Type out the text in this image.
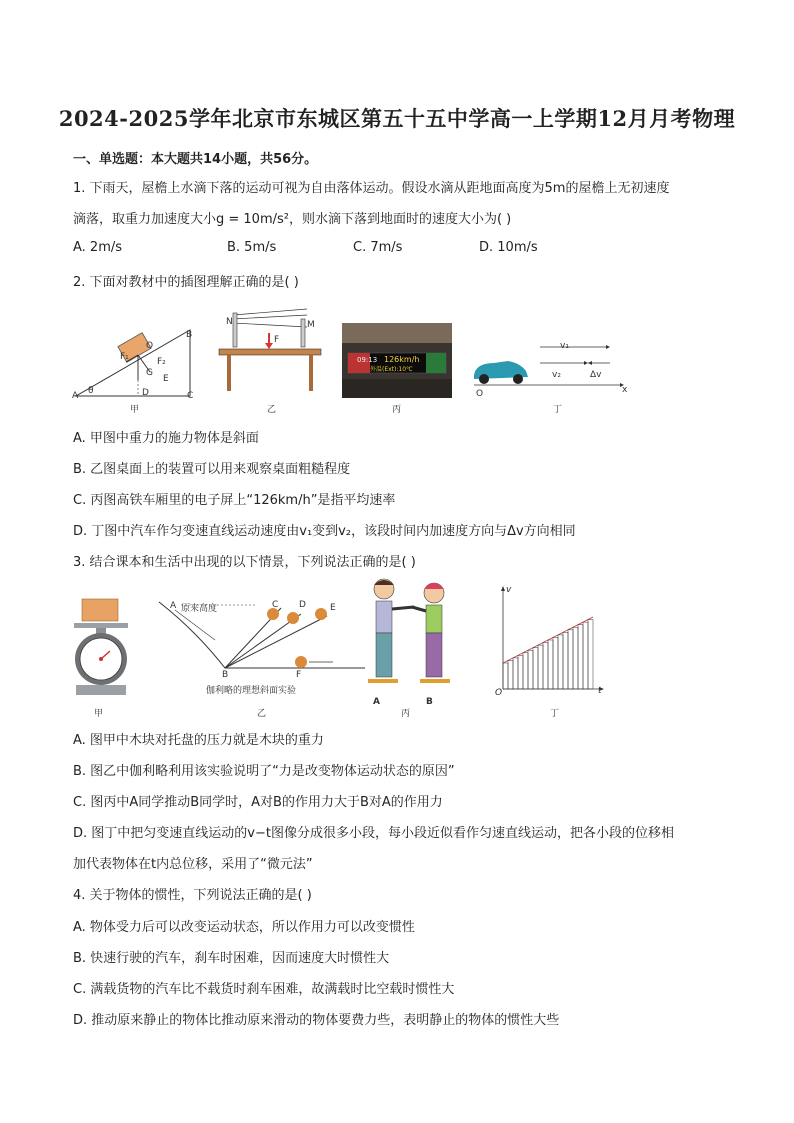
2024-2025学年北京市东城区第五十五中学高一上学期12月月考物理
一、单选题：本大题共14小题，共56分。
1. 下雨天，屋檐上水滴下落的运动可视为自由落体运动。假设水滴从距地面高度为5m的屋檐上无初速度
滴落，取重力加速度大小g = 10m/s²，则水滴下落到地面时的速度大小为( )
A. 2m/s	B. 5m/s	C. 7m/s	D. 10m/s
2. 下面对教材中的插图理解正确的是( )
O
B
F₁	F₂
G
E
A θ	D	C
甲
N	M
F
乙
09:13 126km/h
外温(Ext):10℃
丙
v₁
v₂	Δv
O	x
丁
A. 甲图中重力的施力物体是斜面
B. 乙图桌面上的装置可以用来观察桌面粗糙程度
C. 丙图高铁车厢里的电子屏上“126km/h”是指平均速率
D. 丁图中汽车作匀变速直线运动速度由v₁变到v₂，该段时间内加速度方向与Δv方向相同
3. 结合课本和生活中出现的以下情景，下列说法正确的是( )
甲
A 原来高度	C D	E
B	F
伽利略的理想斜面实验
乙
A	B
丙
v
O	t
丁
A. 图甲中木块对托盘的压力就是木块的重力
B. 图乙中伽利略利用该实验说明了“力是改变物体运动状态的原因”
C. 图丙中A同学推动B同学时，A对B的作用力大于B对A的作用力
D. 图丁中把匀变速直线运动的v−t图像分成很多小段，每小段近似看作匀速直线运动，把各小段的位移相
加代表物体在t内总位移，采用了“微元法”
4. 关于物体的惯性，下列说法正确的是( )
A. 物体受力后可以改变运动状态，所以作用力可以改变惯性
B. 快速行驶的汽车，刹车时困难，因而速度大时惯性大
C. 满载货物的汽车比不载货时刹车困难，故满载时比空载时惯性大
D. 推动原来静止的物体比推动原来滑动的物体要费力些，表明静止的物体的惯性大些
